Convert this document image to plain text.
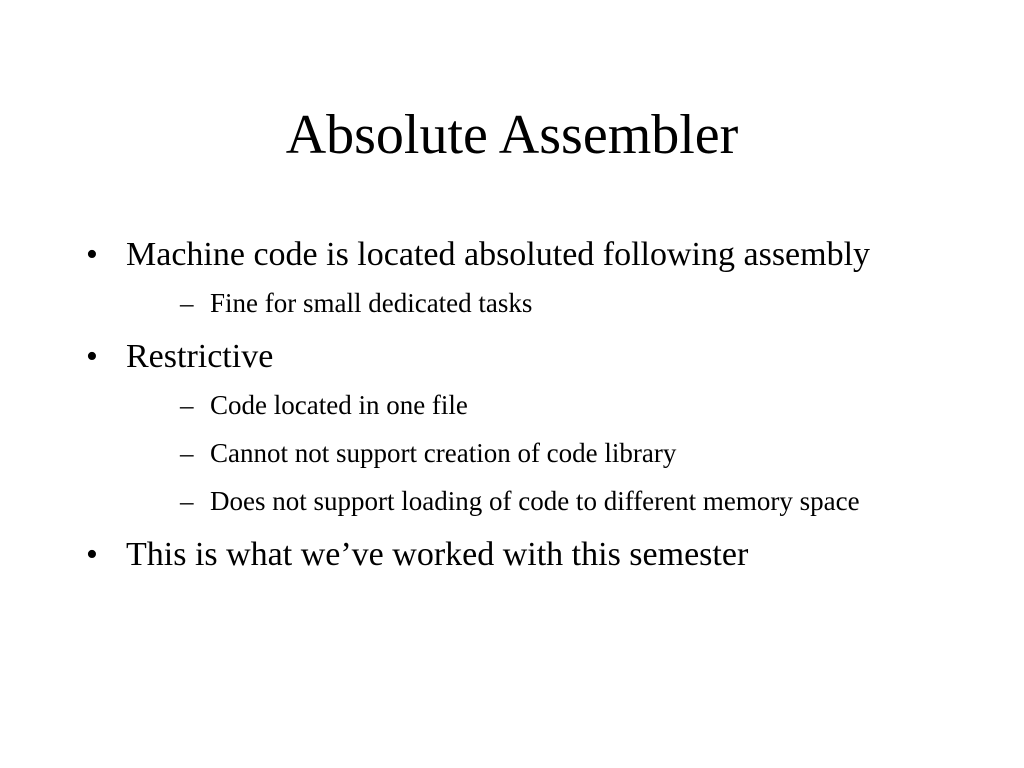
Absolute Assembler
• Machine code is located absoluted following assembly
– Fine for small dedicated tasks
• Restrictive
– Code located in one file
– Cannot not support creation of code library
– Does not support loading of code to different memory space
• This is what we’ve worked with this semester
